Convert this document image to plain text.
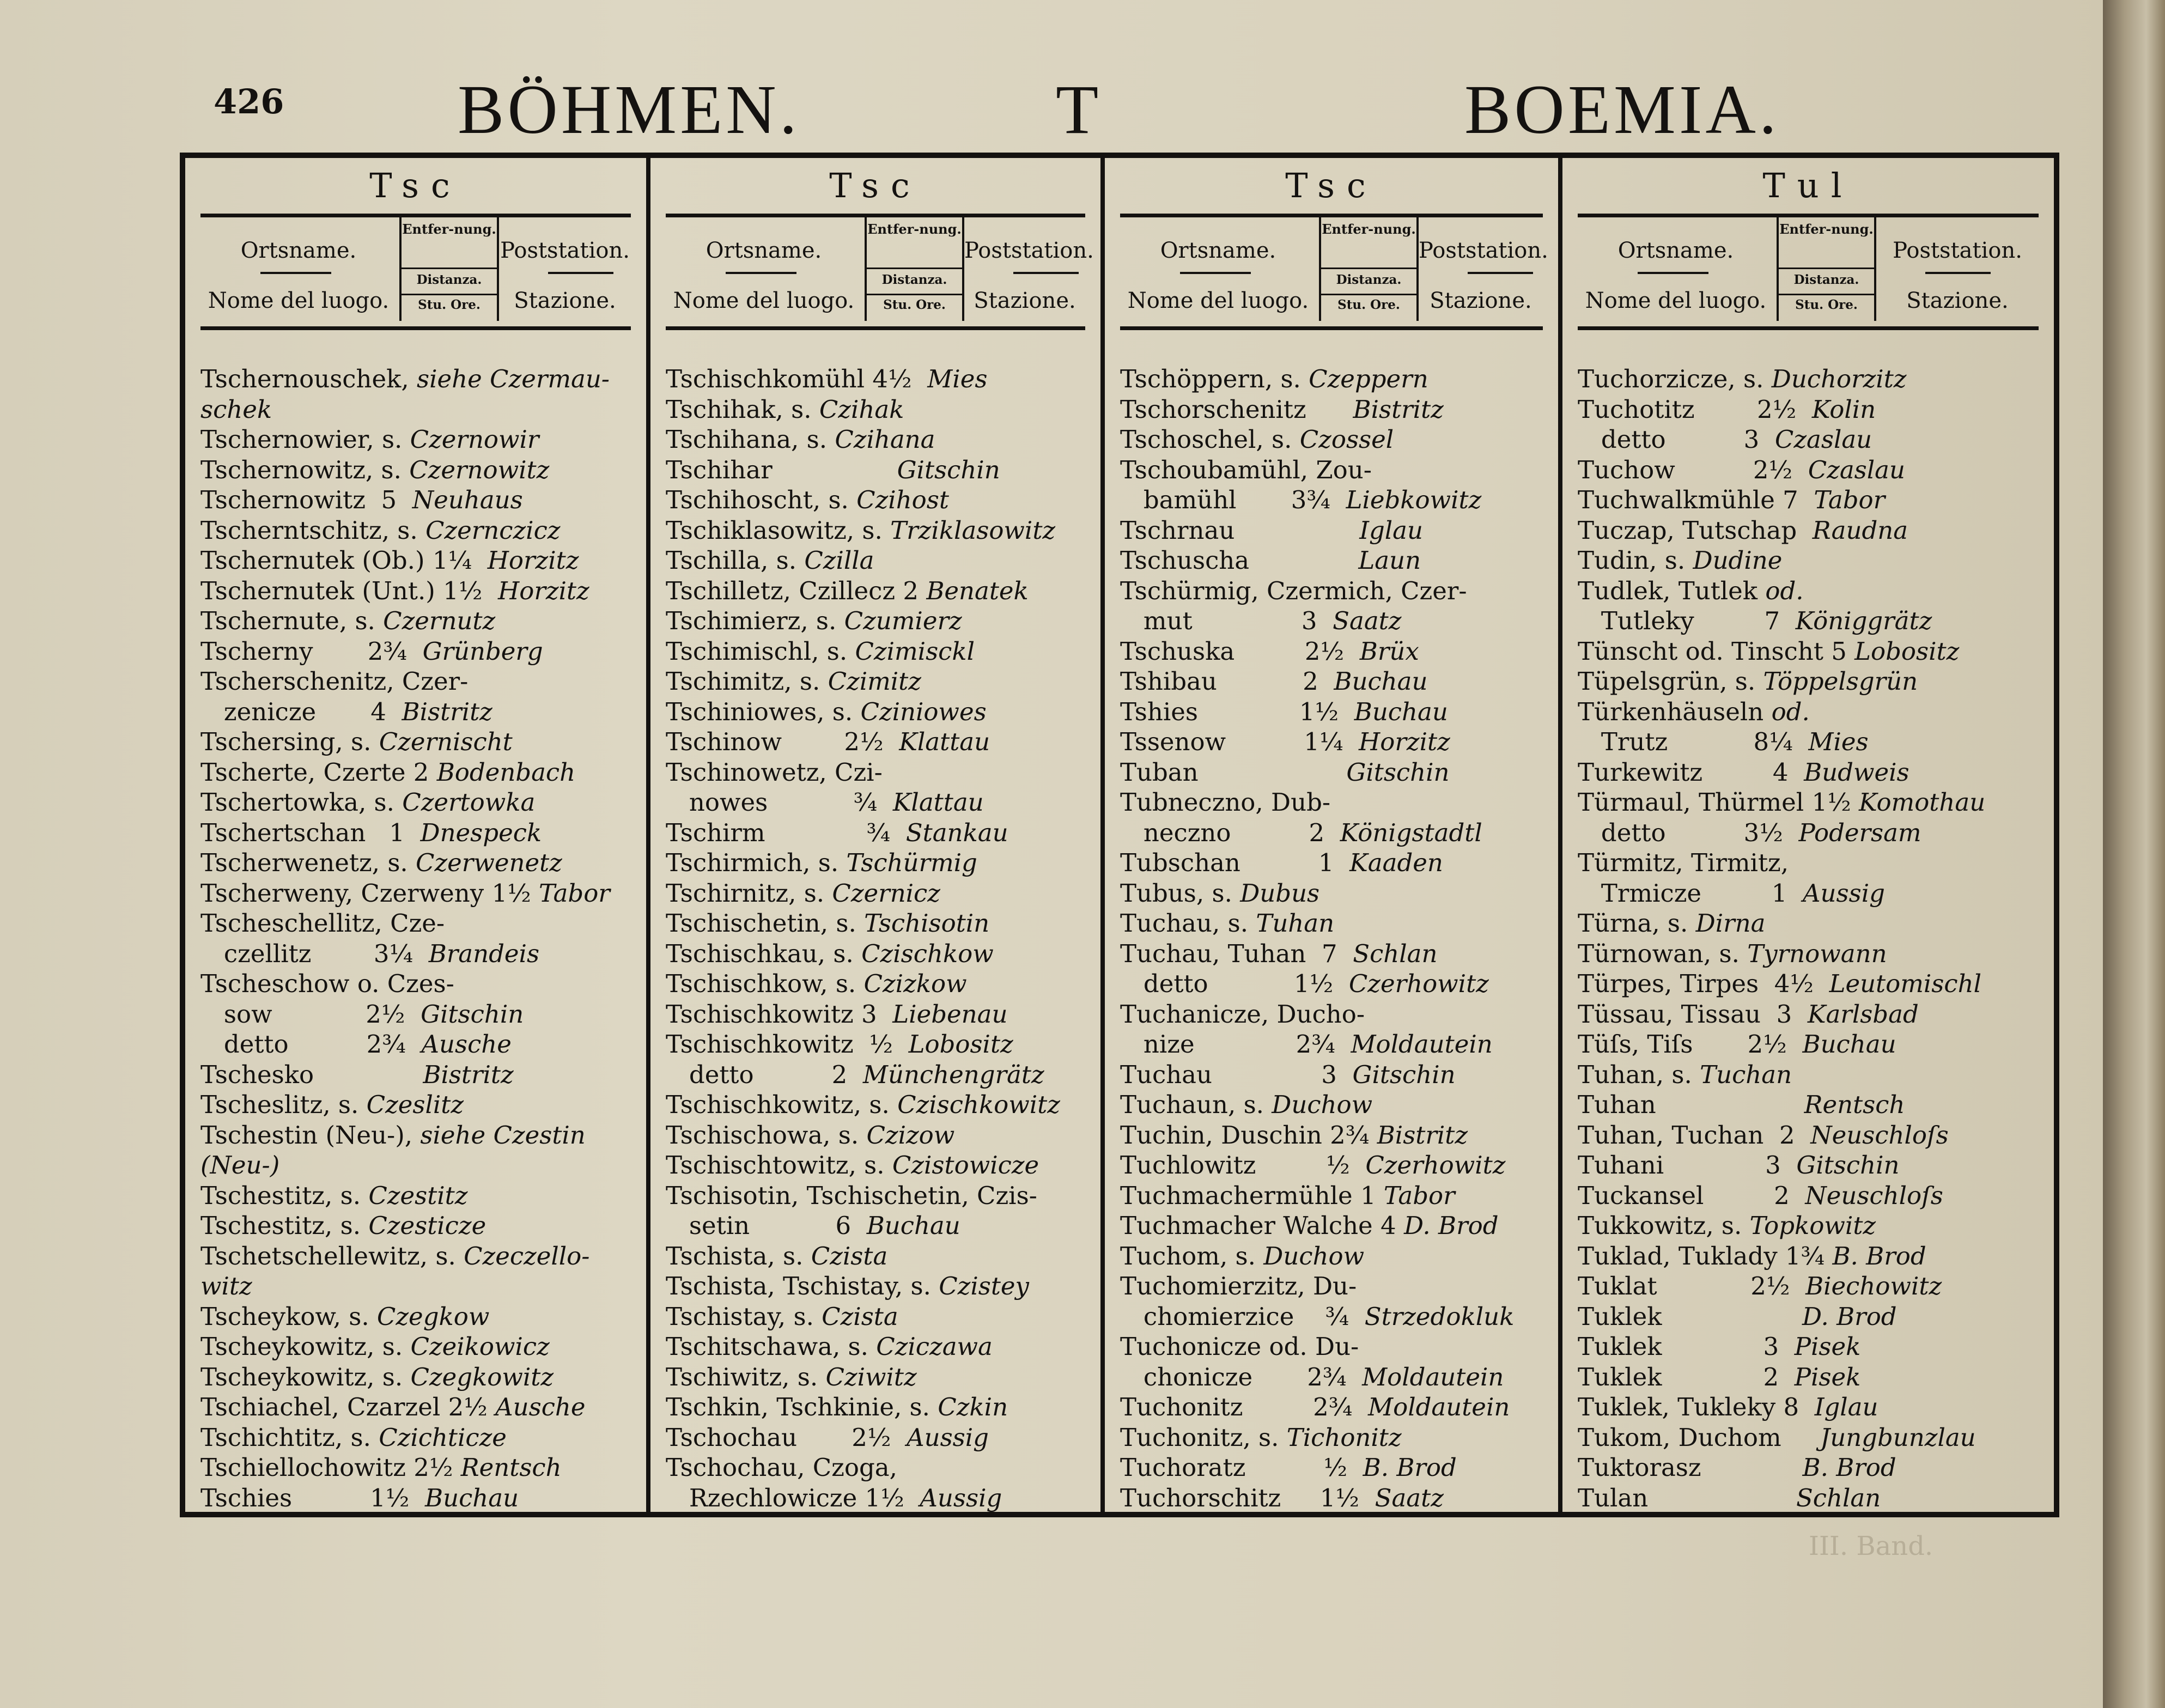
426 BÖHMEN.	T	BOEMIA.
Tsc
Ortsname.
Nome del luogo.
Entfer-nung.
Distanza.
Stu. Ore.
Poststation.
Stazione.
Tschernouschek, siehe Czermau-
schek
Tschernowier, s. Czernowir
Tschernowitz, s. Czernowitz
Tschernowitz  5  Neuhaus
Tscherntschitz, s. Czernczicz
Tschernutek (Ob.) 1¼  Horzitz
Tschernutek (Unt.) 1½  Horzitz
Tschernute, s. Czernutz
Tscherny       2¾  Grünberg
Tscherschenitz, Czer-
zenicze       4  Bistritz
Tschersing, s. Czernischt
Tscherte, Czerte 2 Bodenbach
Tschertowka, s. Czertowka
Tschertschan   1  Dnespeck
Tscherwenetz, s. Czerwenetz
Tscherweny, Czerweny 1½ Tabor
Tscheschellitz, Cze-
czellitz        3¼  Brandeis
Tscheschow o. Czes-
sow            2½  Gitschin
detto          2¾  Ausche
Tschesko              Bistritz
Tscheslitz, s. Czeslitz
Tschestin (Neu-), siehe Czestin
(Neu-)
Tschestitz, s. Czestitz
Tschestitz, s. Czesticze
Tschetschellewitz, s. Czeczello-
witz
Tscheykow, s. Czegkow
Tscheykowitz, s. Czeikowicz
Tscheykowitz, s. Czegkowitz
Tschiachel, Czarzel 2½ Ausche
Tschichtitz, s. Czichticze
Tschiellochowitz 2½ Rentsch
Tschies          1½  Buchau
Tsc
Ortsname.
Nome del luogo.
Entfer-nung.
Distanza.
Stu. Ore.
Poststation.
Stazione.
Tschischkomühl 4½  Mies
Tschihak, s. Czihak
Tschihana, s. Czihana
Tschihar                Gitschin
Tschihoscht, s. Czihost
Tschiklasowitz, s. Trziklasowitz
Tschilla, s. Czilla
Tschilletz, Czillecz 2 Benatek
Tschimierz, s. Czumierz
Tschimischl, s. Czimisckl
Tschimitz, s. Czimitz
Tschiniowes, s. Cziniowes
Tschinow        2½  Klattau
Tschinowetz, Czi-
nowes           ¾  Klattau
Tschirm             ¾  Stankau
Tschirmich, s. Tschürmig
Tschirnitz, s. Czernicz
Tschischetin, s. Tschisotin
Tschischkau, s. Czischkow
Tschischkow, s. Czizkow
Tschischkowitz 3  Liebenau
Tschischkowitz  ½  Lobositz
detto          2  Münchengrätz
Tschischkowitz, s. Czischkowitz
Tschischowa, s. Czizow
Tschischtowitz, s. Czistowicze
Tschisotin, Tschischetin, Czis-
setin           6  Buchau
Tschista, s. Czista
Tschista, Tschistay, s. Czistey
Tschistay, s. Czista
Tschitschawa, s. Cziczawa
Tschiwitz, s. Cziwitz
Tschkin, Tschkinie, s. Czkin
Tschochau       2½  Aussig
Tschochau, Czoga,
Rzechlowicze 1½  Aussig
Tsc
Ortsname.
Nome del luogo.
Entfer-nung.
Distanza.
Stu. Ore.
Poststation.
Stazione.
Tschöppern, s. Czeppern
Tschorschenitz      Bistritz
Tschoschel, s. Czossel
Tschoubamühl, Zou-
bamühl       3¾  Liebkowitz
Tschrnau                Iglau
Tschuscha              Laun
Tschürmig, Czermich, Czer-
mut              3  Saatz
Tschuska         2½  Brüx
Tshibau           2  Buchau
Tshies             1½  Buchau
Tssenow          1¼  Horzitz
Tuban                   Gitschin
Tubneczno, Dub-
neczno          2  Königstadtl
Tubschan          1  Kaaden
Tubus, s. Dubus
Tuchau, s. Tuhan
Tuchau, Tuhan  7  Schlan
detto           1½  Czerhowitz
Tuchanicze, Ducho-
nize             2¾  Moldautein
Tuchau              3  Gitschin
Tuchaun, s. Duchow
Tuchin, Duschin 2¾ Bistritz
Tuchlowitz         ½  Czerhowitz
Tuchmachermühle 1 Tabor
Tuchmacher Walche 4 D. Brod
Tuchom, s. Duchow
Tuchomierzitz, Du-
chomierzice    ¾  Strzedokluk
Tuchonicze od. Du-
chonicze       2¾  Moldautein
Tuchonitz         2¾  Moldautein
Tuchonitz, s. Tichonitz
Tuchoratz          ½  B. Brod
Tuchorschitz     1½  Saatz
Tul
Ortsname.
Nome del luogo.
Entfer-nung.
Distanza.
Stu. Ore.
Poststation.
Stazione.
Tuchorzicze, s. Duchorzitz
Tuchotitz        2½  Kolin
detto          3  Czaslau
Tuchow          2½  Czaslau
Tuchwalkmühle 7  Tabor
Tuczap, Tutschap  Raudna
Tudin, s. Dudine
Tudlek, Tutlek od.
Tutleky         7  Königgrätz
Tünscht od. Tinscht 5 Lobositz
Tüpelsgrün, s. Töppelsgrün
Türkenhäuseln od.
Trutz           8¼  Mies
Turkewitz         4  Budweis
Türmaul, Thürmel 1½ Komothau
detto          3½  Podersam
Türmitz, Tirmitz,
Trmicze         1  Aussig
Türna, s. Dirna
Türnowan, s. Tyrnowann
Türpes, Tirpes  4½  Leutomischl
Tüssau, Tissau  3  Karlsbad
Tüſs, Tiſs       2½  Buchau
Tuhan, s. Tuchan
Tuhan                   Rentsch
Tuhan, Tuchan  2  Neuschloſs
Tuhani             3  Gitschin
Tuckansel         2  Neuschloſs
Tukkowitz, s. Topkowitz
Tuklad, Tuklady 1¾ B. Brod
Tuklat            2½  Biechowitz
Tuklek                  D. Brod
Tuklek             3  Pisek
Tuklek             2  Pisek
Tuklek, Tukleky 8  Iglau
Tukom, Duchom     Jungbunzlau
Tuktorasz             B. Brod
Tulan                   Schlan
III. Band.
